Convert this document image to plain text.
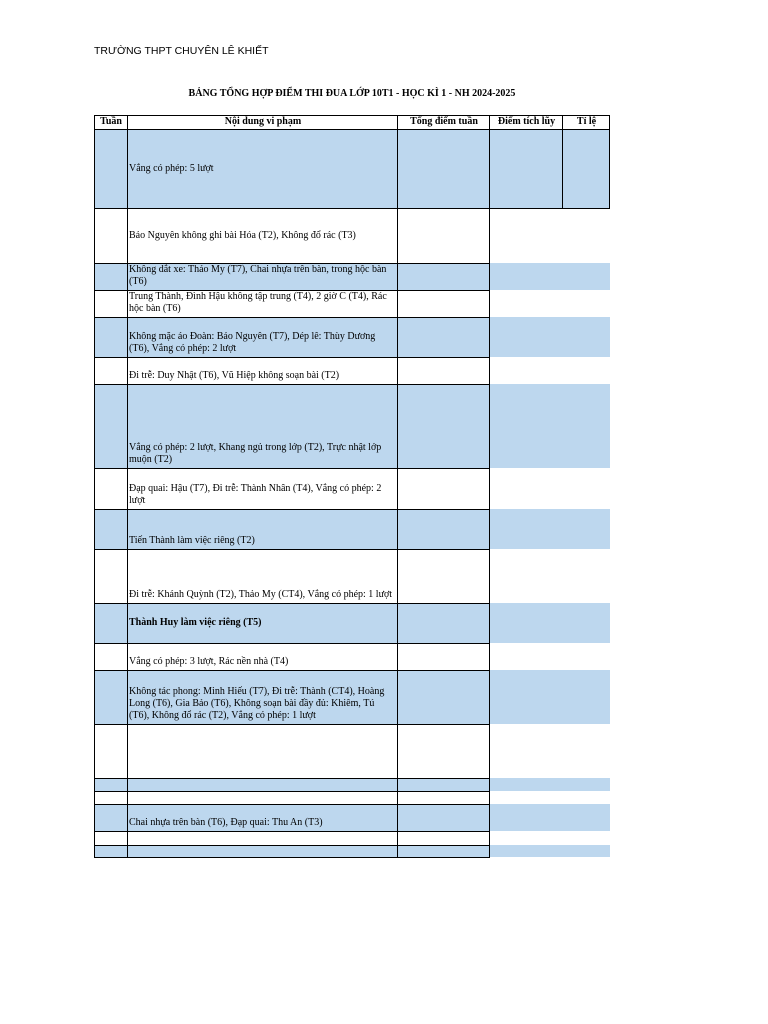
TRƯỜNG THPT CHUYÊN LÊ KHIẾT
BẢNG TỔNG HỢP ĐIỂM THI ĐUA LỚP 10T1 - HỌC KÌ 1 - NH 2024-2025
Tuần	Nội dung vi phạm	Tổng điểm tuần	Điểm tích lũy	Tỉ lệ
Vắng có phép: 5 lượt
Bảo Nguyên không ghi bài Hóa (T2), Không đổ rác (T3)
Không dắt xe: Thảo My (T7), Chai nhựa trên bàn, trong hộc bàn (T6)
Trung Thành, Đình Hậu không tập trung (T4), 2 giờ C (T4), Rác hộc bàn (T6)
Không mặc áo Đoàn: Bảo Nguyên (T7), Dép lê: Thùy Dương (T6), Vắng có phép: 2 lượt
Đi trễ: Duy Nhật (T6), Vũ Hiệp không soạn bài (T2)
Vắng có phép: 2 lượt, Khang ngủ trong lớp (T2), Trực nhật lớp muộn (T2)
Đạp quai: Hậu (T7), Đi trễ: Thành Nhân (T4), Vắng có phép: 2 lượt
Tiến Thành làm việc riêng (T2)
Đi trễ: Khánh Quỳnh (T2), Thảo My (CT4), Vắng có phép: 1 lượt
Thành Huy làm việc riêng (T5)
Vắng có phép: 3 lượt, Rác nền nhà (T4)
Không tác phong: Minh Hiếu (T7), Đi trễ: Thành (CT4), Hoàng Long (T6), Gia Bảo (T6), Không soạn bài đầy đủ: Khiêm, Tú (T6), Không đổ rác (T2), Vắng có phép: 1 lượt
Chai nhựa trên bàn (T6), Đạp quai: Thu An (T3)
